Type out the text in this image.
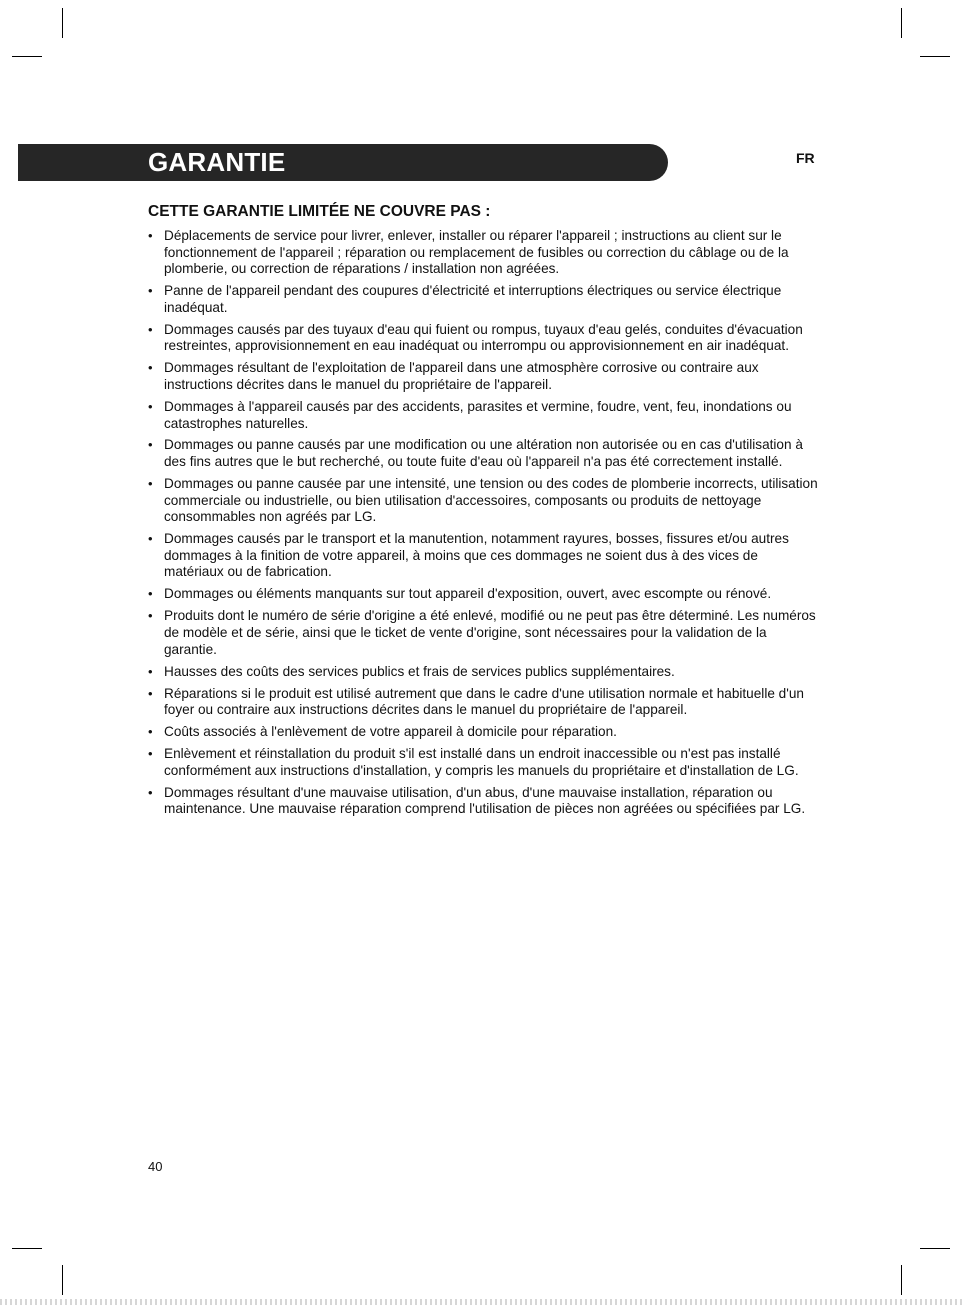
GARANTIE	FR
CETTE GARANTIE LIMITÉE NE COUVRE PAS :
• Déplacements de service pour livrer, enlever, installer ou réparer l'appareil ; instructions au client sur le fonctionnement de l'appareil ; réparation ou remplacement de fusibles ou correction du câblage ou de la plomberie, ou correction de réparations / installation non agréées.
• Panne de l'appareil pendant des coupures d'électricité et interruptions électriques ou service électrique inadéquat.
• Dommages causés par des tuyaux d'eau qui fuient ou rompus, tuyaux d'eau gelés, conduites d'évacuation restreintes, approvisionnement en eau inadéquat ou interrompu ou approvisionnement en air inadéquat.
• Dommages résultant de l'exploitation de l'appareil dans une atmosphère corrosive ou contraire aux instructions décrites dans le manuel du propriétaire de l'appareil.
• Dommages à l'appareil causés par des accidents, parasites et vermine, foudre, vent, feu, inondations ou catastrophes naturelles.
• Dommages ou panne causés par une modification ou une altération non autorisée ou en cas d'utilisation à des fins autres que le but recherché, ou toute fuite d'eau où l'appareil n'a pas été correctement installé.
• Dommages ou panne causée par une intensité, une tension ou des codes de plomberie incorrects, utilisation commerciale ou industrielle, ou bien utilisation d'accessoires, composants ou produits de nettoyage consommables non agréés par LG.
• Dommages causés par le transport et la manutention, notamment rayures, bosses, fissures et/ou autres dommages à la finition de votre appareil, à moins que ces dommages ne soient dus à des vices de matériaux ou de fabrication.
• Dommages ou éléments manquants sur tout appareil d'exposition, ouvert, avec escompte ou rénové.
• Produits dont le numéro de série d'origine a été enlevé, modifié ou ne peut pas être déterminé. Les numéros de modèle et de série, ainsi que le ticket de vente d'origine, sont nécessaires pour la validation de la garantie.
• Hausses des coûts des services publics et frais de services publics supplémentaires.
• Réparations si le produit est utilisé autrement que dans le cadre d'une utilisation normale et habituelle d'un foyer ou contraire aux instructions décrites dans le manuel du propriétaire de l'appareil.
• Coûts associés à l'enlèvement de votre appareil à domicile pour réparation.
• Enlèvement et réinstallation du produit s'il est installé dans un endroit inaccessible ou n'est pas installé conformément aux instructions d'installation, y compris les manuels du propriétaire et d'installation de LG.
• Dommages résultant d'une mauvaise utilisation, d'un abus, d'une mauvaise installation, réparation ou maintenance. Une mauvaise réparation comprend l'utilisation de pièces non agréées ou spécifiées par LG.
40
